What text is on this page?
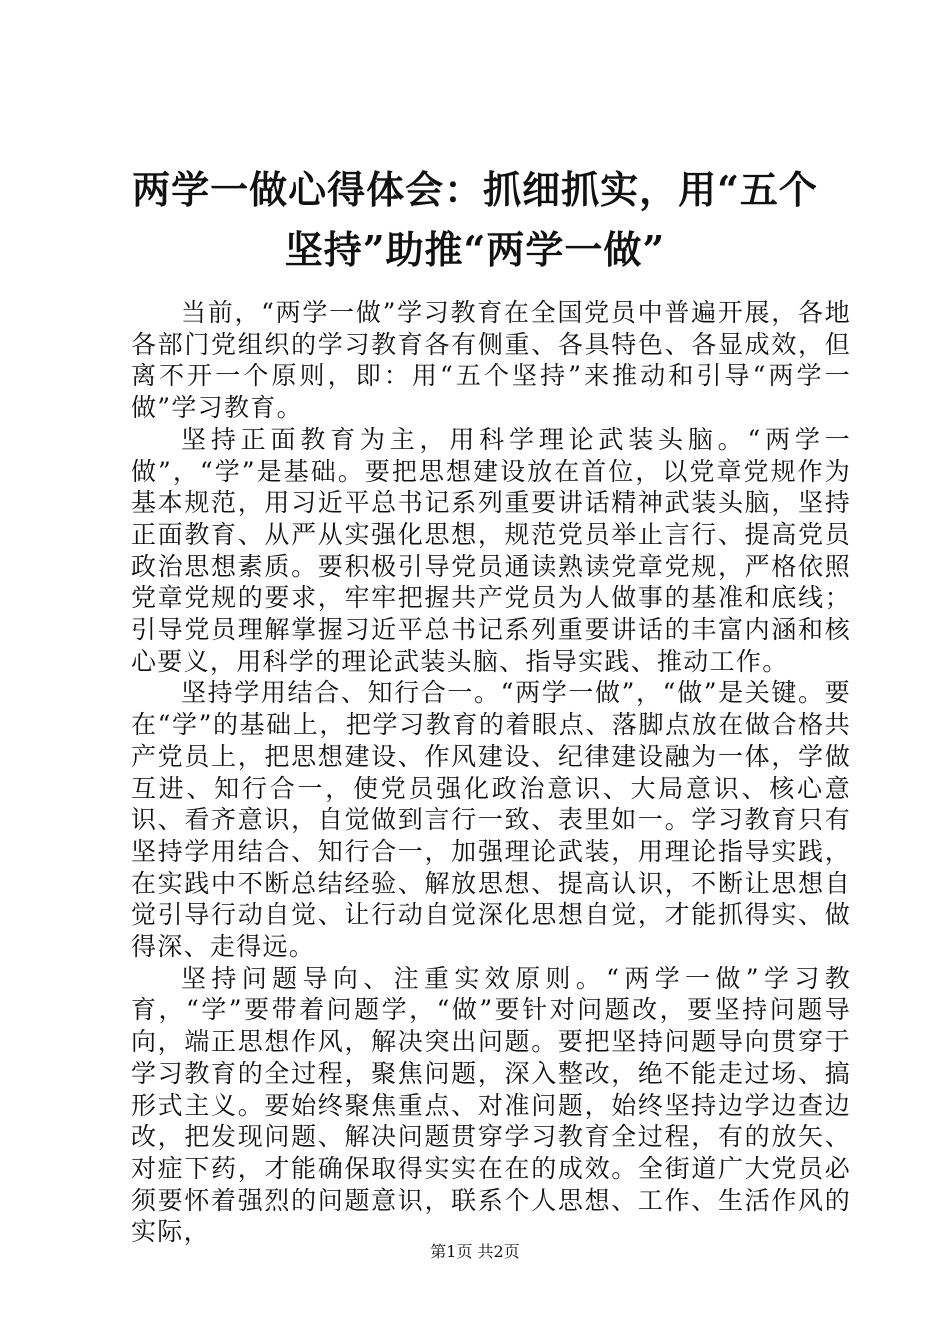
两学一做心得体会：抓细抓实，用“五个坚持”助推“两学一做”

当前，“两学一做”学习教育在全国党员中普遍开展，各地各部门党组织的学习教育各有侧重、各具特色、各显成效，但离不开一个原则，即：用“五个坚持”来推动和引导“两学一做”学习教育。

坚持正面教育为主，用科学理论武装头脑。“两学一做”，“学”是基础。要把思想建设放在首位，以党章党规作为基本规范，用习近平总书记系列重要讲话精神武装头脑，坚持正面教育、从严从实强化思想，规范党员举止言行、提高党员政治思想素质。要积极引导党员通读熟读党章党规，严格依照党章党规的要求，牢牢把握共产党员为人做事的基准和底线；引导党员理解掌握习近平总书记系列重要讲话的丰富内涵和核心要义，用科学的理论武装头脑、指导实践、推动工作。

坚持学用结合、知行合一。“两学一做”，“做”是关键。要在“学”的基础上，把学习教育的着眼点、落脚点放在做合格共产党员上，把思想建设、作风建设、纪律建设融为一体，学做互进、知行合一，使党员强化政治意识、大局意识、核心意识、看齐意识，自觉做到言行一致、表里如一。学习教育只有坚持学用结合、知行合一，加强理论武装，用理论指导实践，在实践中不断总结经验、解放思想、提高认识，不断让思想自觉引导行动自觉、让行动自觉深化思想自觉，才能抓得实、做得深、走得远。

坚持问题导向、注重实效原则。“两学一做”学习教育，“学”要带着问题学，“做”要针对问题改，要坚持问题导向，端正思想作风，解决突出问题。要把坚持问题导向贯穿于学习教育的全过程，聚焦问题，深入整改，绝不能走过场、搞形式主义。要始终聚焦重点、对准问题，始终坚持边学边查边改，把发现问题、解决问题贯穿学习教育全过程，有的放矢、对症下药，才能确保取得实实在在的成效。全街道广大党员必须要怀着强烈的问题意识，联系个人思想、工作、生活作风的实际，

第1页 共2页
